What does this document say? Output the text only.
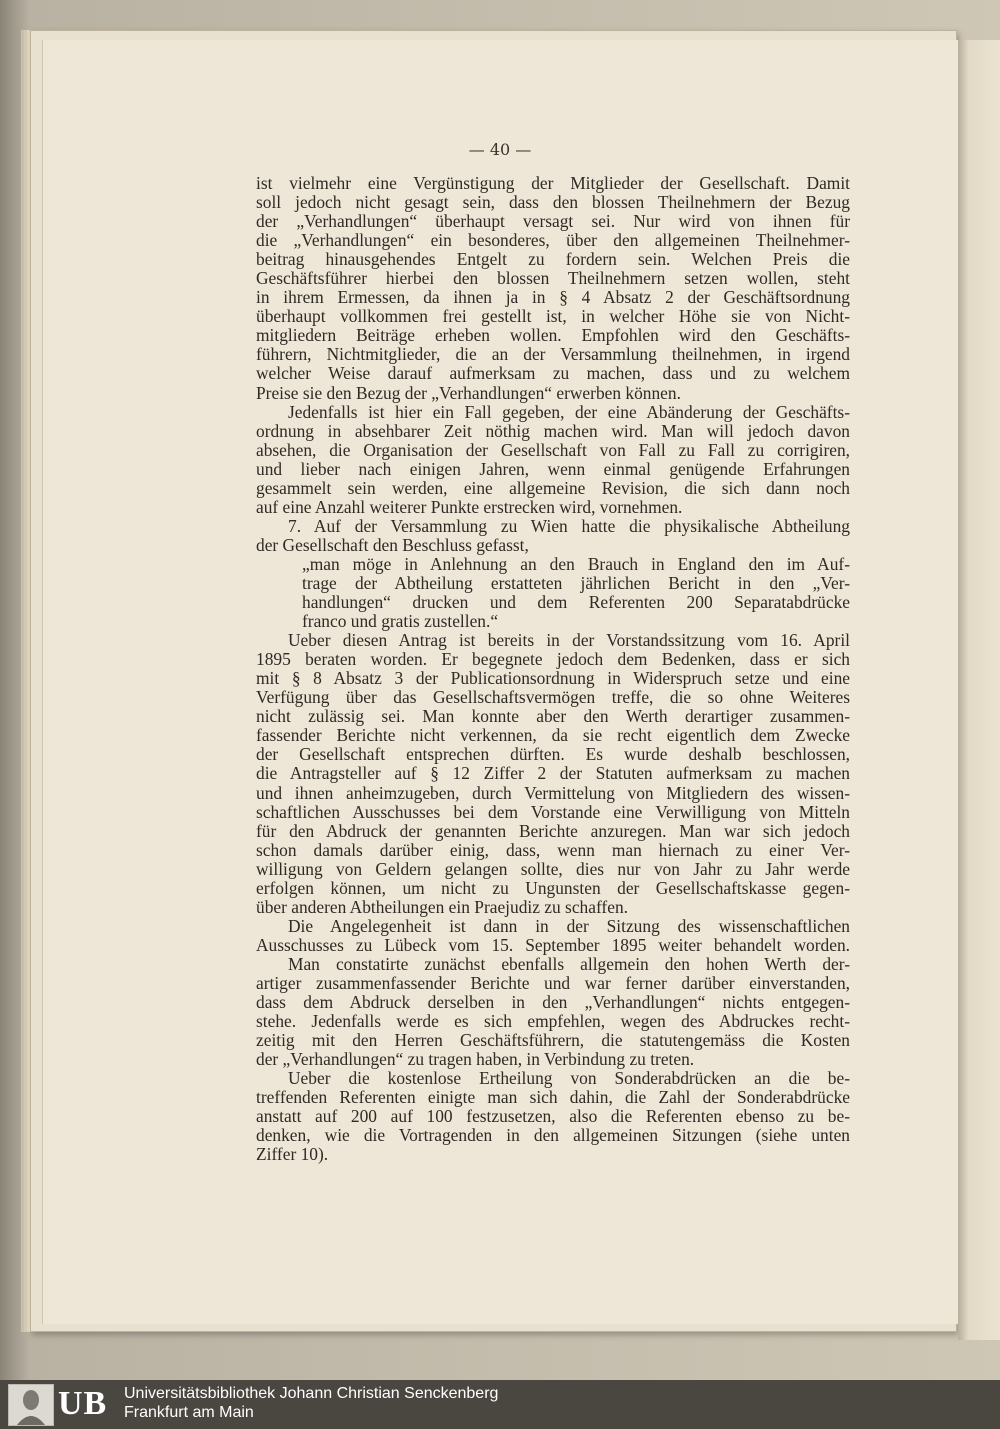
— 40 —
ist vielmehr eine Vergünstigung der Mitglieder der Gesellschaft. Damit
soll jedoch nicht gesagt sein, dass den blossen Theilnehmern der Bezug
der „Verhandlungen“ überhaupt versagt sei. Nur wird von ihnen für
die „Verhandlungen“ ein besonderes, über den allgemeinen Theilnehmer-
beitrag hinausgehendes Entgelt zu fordern sein. Welchen Preis die
Geschäftsführer hierbei den blossen Theilnehmern setzen wollen, steht
in ihrem Ermessen, da ihnen ja in § 4 Absatz 2 der Geschäftsordnung
überhaupt vollkommen frei gestellt ist, in welcher Höhe sie von Nicht-
mitgliedern Beiträge erheben wollen. Empfohlen wird den Geschäfts-
führern, Nichtmitglieder, die an der Versammlung theilnehmen, in irgend
welcher Weise darauf aufmerksam zu machen, dass und zu welchem
Preise sie den Bezug der „Verhandlungen“ erwerben können.
Jedenfalls ist hier ein Fall gegeben, der eine Abänderung der Geschäfts-
ordnung in absehbarer Zeit nöthig machen wird. Man will jedoch davon
absehen, die Organisation der Gesellschaft von Fall zu Fall zu corrigiren,
und lieber nach einigen Jahren, wenn einmal genügende Erfahrungen
gesammelt sein werden, eine allgemeine Revision, die sich dann noch
auf eine Anzahl weiterer Punkte erstrecken wird, vornehmen.
7. Auf der Versammlung zu Wien hatte die physikalische Abtheilung
der Gesellschaft den Beschluss gefasst,
„man möge in Anlehnung an den Brauch in England den im Auf-
trage der Abtheilung erstatteten jährlichen Bericht in den „Ver-
handlungen“ drucken und dem Referenten 200 Separatabdrücke
franco und gratis zustellen.“
Ueber diesen Antrag ist bereits in der Vorstandssitzung vom 16. April
1895 beraten worden. Er begegnete jedoch dem Bedenken, dass er sich
mit § 8 Absatz 3 der Publicationsordnung in Widerspruch setze und eine
Verfügung über das Gesellschaftsvermögen treffe, die so ohne Weiteres
nicht zulässig sei. Man konnte aber den Werth derartiger zusammen-
fassender Berichte nicht verkennen, da sie recht eigentlich dem Zwecke
der Gesellschaft entsprechen dürften. Es wurde deshalb beschlossen,
die Antragsteller auf § 12 Ziffer 2 der Statuten aufmerksam zu machen
und ihnen anheimzugeben, durch Vermittelung von Mitgliedern des wissen-
schaftlichen Ausschusses bei dem Vorstande eine Verwilligung von Mitteln
für den Abdruck der genannten Berichte anzuregen. Man war sich jedoch
schon damals darüber einig, dass, wenn man hiernach zu einer Ver-
willigung von Geldern gelangen sollte, dies nur von Jahr zu Jahr werde
erfolgen können, um nicht zu Ungunsten der Gesellschaftskasse gegen-
über anderen Abtheilungen ein Praejudiz zu schaffen.
Die Angelegenheit ist dann in der Sitzung des wissenschaftlichen
Ausschusses zu Lübeck vom 15. September 1895 weiter behandelt worden.
Man constatirte zunächst ebenfalls allgemein den hohen Werth der-
artiger zusammenfassender Berichte und war ferner darüber einverstanden,
dass dem Abdruck derselben in den „Verhandlungen“ nichts entgegen-
stehe. Jedenfalls werde es sich empfehlen, wegen des Abdruckes recht-
zeitig mit den Herren Geschäftsführern, die statutengemäss die Kosten
der „Verhandlungen“ zu tragen haben, in Verbindung zu treten.
Ueber die kostenlose Ertheilung von Sonderabdrücken an die be-
treffenden Referenten einigte man sich dahin, die Zahl der Sonderabdrücke
anstatt auf 200 auf 100 festzusetzen, also die Referenten ebenso zu be-
denken, wie die Vortragenden in den allgemeinen Sitzungen (siehe unten
Ziffer 10).
UB Universitätsbibliothek Johann Christian Senckenberg
Frankfurt am Main
